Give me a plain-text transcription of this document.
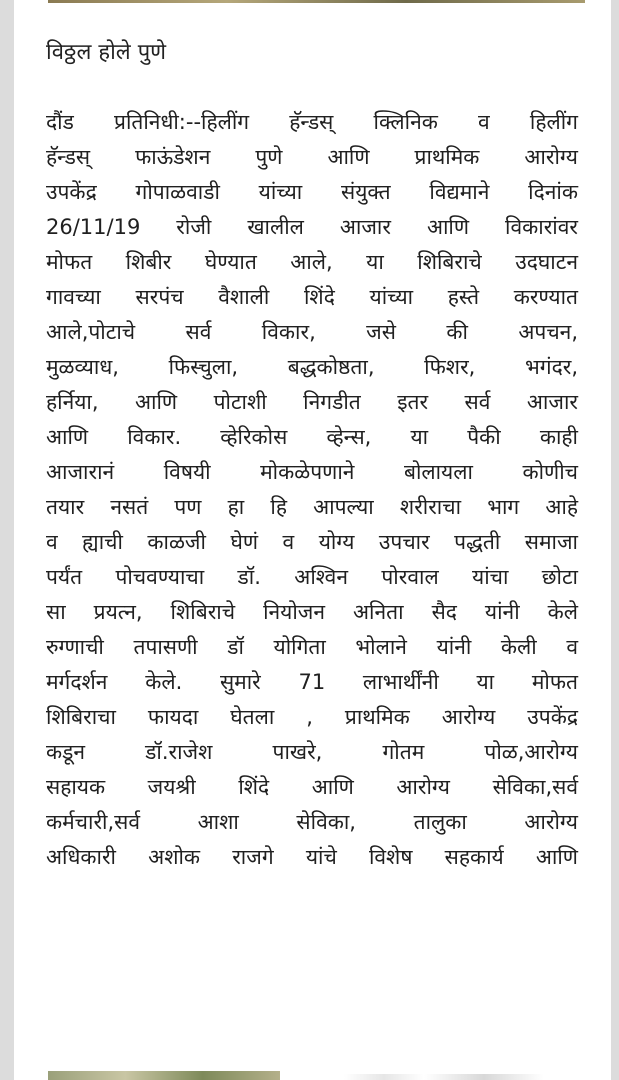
विठ्ठल होले पुणे

दौंड प्रतिनिधी:--हिलींग हॅन्डस् क्लिनिक व हिलींग
हॅन्डस् फाऊंडेशन पुणे आणि प्राथमिक आरोग्य
उपकेंद्र गोपाळवाडी यांच्या संयुक्त विद्यमाने दिनांक
26/11/19 रोजी खालील आजार आणि विकारांवर
मोफत शिबीर घेण्यात आले, या शिबिराचे उदघाटन
गावच्या सरपंच वैशाली शिंदे यांच्या हस्ते करण्यात
आले,पोटाचे सर्व विकार, जसे की अपचन,
मुळव्याध, फिस्चुला, बद्धकोष्ठता, फिशर, भगंदर,
हर्निया, आणि पोटाशी निगडीत इतर सर्व आजार
आणि विकार. व्हेरिकोस व्हेन्स, या पैकी काही
आजारानं विषयी मोकळेपणाने बोलायला कोणीच
तयार नसतं पण हा हि आपल्या शरीराचा भाग आहे
व ह्याची काळजी घेणं व योग्य उपचार पद्धती समाजा
पर्यंत पोचवण्याचा डॉ. अश्विन पोरवाल यांचा छोटा
सा प्रयत्न, शिबिराचे नियोजन अनिता सैद यांनी केले
रुग्णाची तपासणी डॉ योगिता भोलाने यांनी केली व
मर्गदर्शन केले. सुमारे 71 लाभार्थींनी या मोफत
शिबिराचा फायदा घेतला , प्राथमिक आरोग्य उपकेंद्र
कडून डॉ.राजेश पाखरे, गोतम पोळ,आरोग्य
सहायक जयश्री शिंदे आणि आरोग्य सेविका,सर्व
कर्मचारी,सर्व आशा सेविका, तालुका आरोग्य
अधिकारी अशोक राजगे यांचे विशेष सहकार्य आणि
